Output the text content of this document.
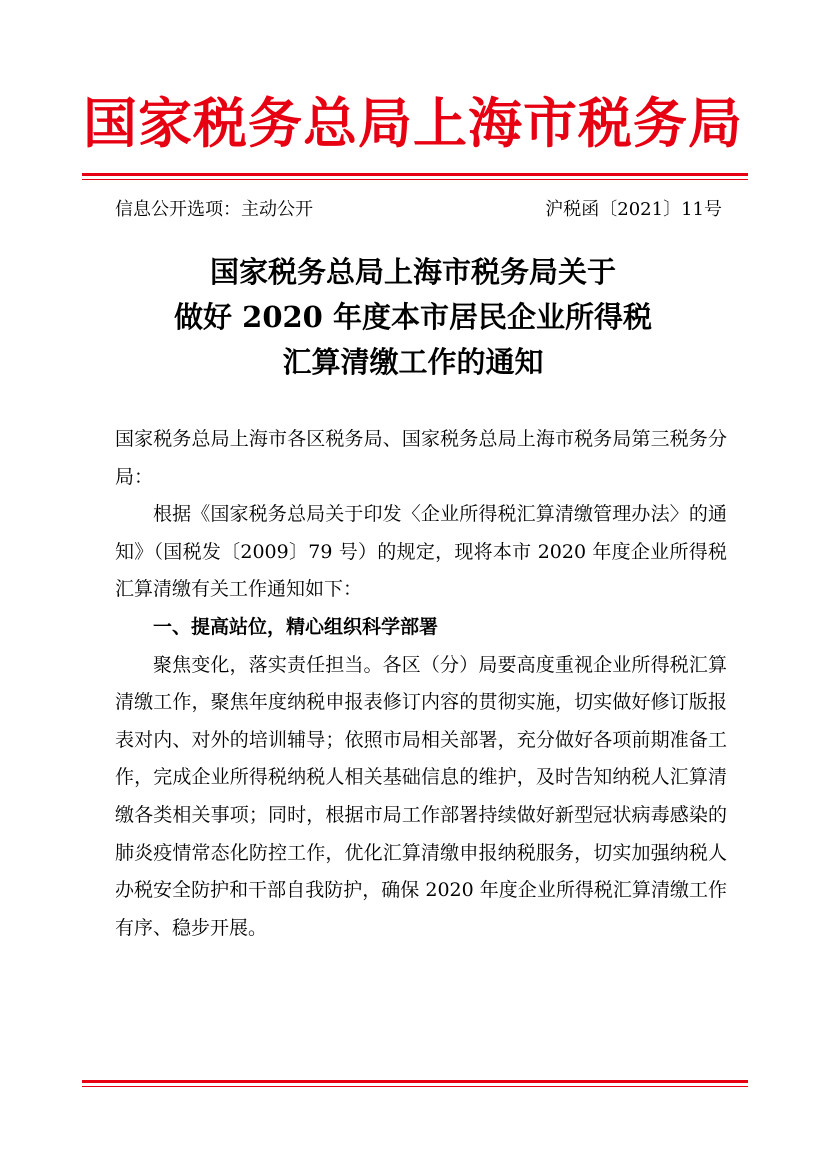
国家税务总局上海市税务局
信息公开选项：主动公开	沪税函〔2021〕11号
国家税务总局上海市税务局关于
做好 2020 年度本市居民企业所得税
汇算清缴工作的通知

国家税务总局上海市各区税务局、国家税务总局上海市税务局第三税务分局：

根据《国家税务总局关于印发〈企业所得税汇算清缴管理办法〉的通知》（国税发〔2009〕79 号）的规定，现将本市 2020 年度企业所得税汇算清缴有关工作通知如下：

一、提高站位，精心组织科学部署

聚焦变化，落实责任担当。各区（分）局要高度重视企业所得税汇算清缴工作，聚焦年度纳税申报表修订内容的贯彻实施，切实做好修订版报表对内、对外的培训辅导；依照市局相关部署，充分做好各项前期准备工作，完成企业所得税纳税人相关基础信息的维护，及时告知纳税人汇算清缴各类相关事项；同时，根据市局工作部署持续做好新型冠状病毒感染的肺炎疫情常态化防控工作，优化汇算清缴申报纳税服务，切实加强纳税人办税安全防护和干部自我防护，确保 2020 年度企业所得税汇算清缴工作有序、稳步开展。
